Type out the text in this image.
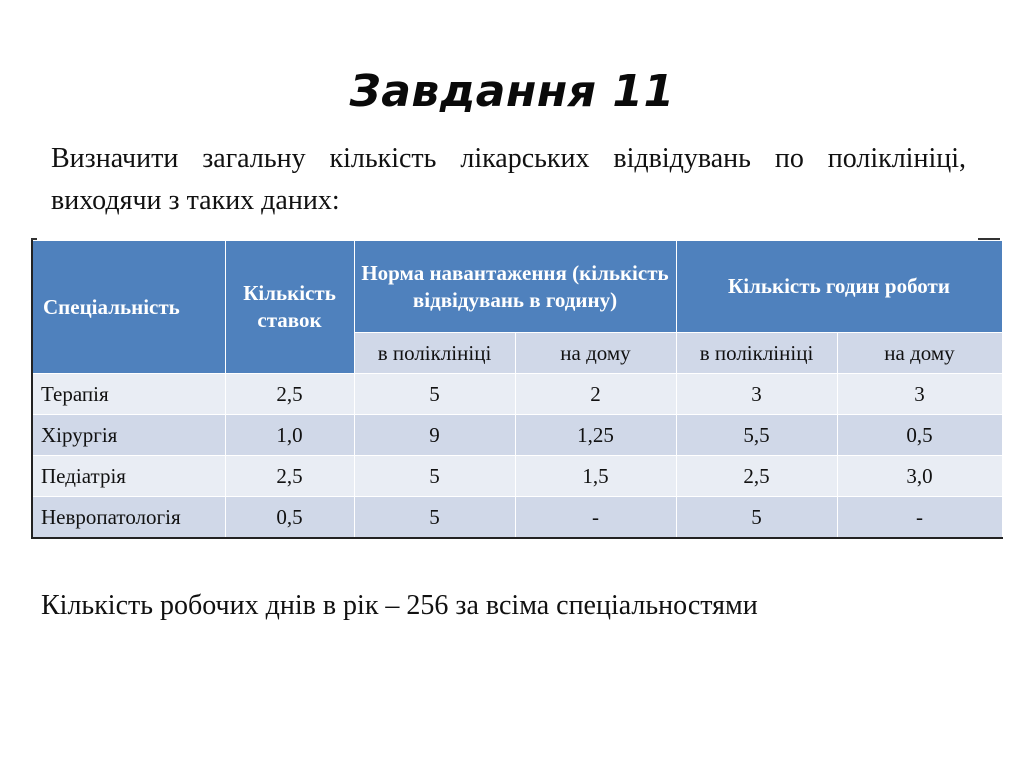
Завдання 11

Визначити загальну кількість лікарських відвідувань по поліклініці, виходячи з таких даних:

Спеціальність	Кількість ставок	Норма навантаження (кількість відвідувань в годину)		Кількість годин роботи	
		в поліклініці	на дому	в поліклініці	на дому
Терапія	2,5	5	2	3	3
Хірургія	1,0	9	1,25	5,5	0,5
Педіатрія	2,5	5	1,5	2,5	3,0
Невропатологія	0,5	5	-	5	-

Кількість робочих днів в рік – 256 за всіма спеціальностями
